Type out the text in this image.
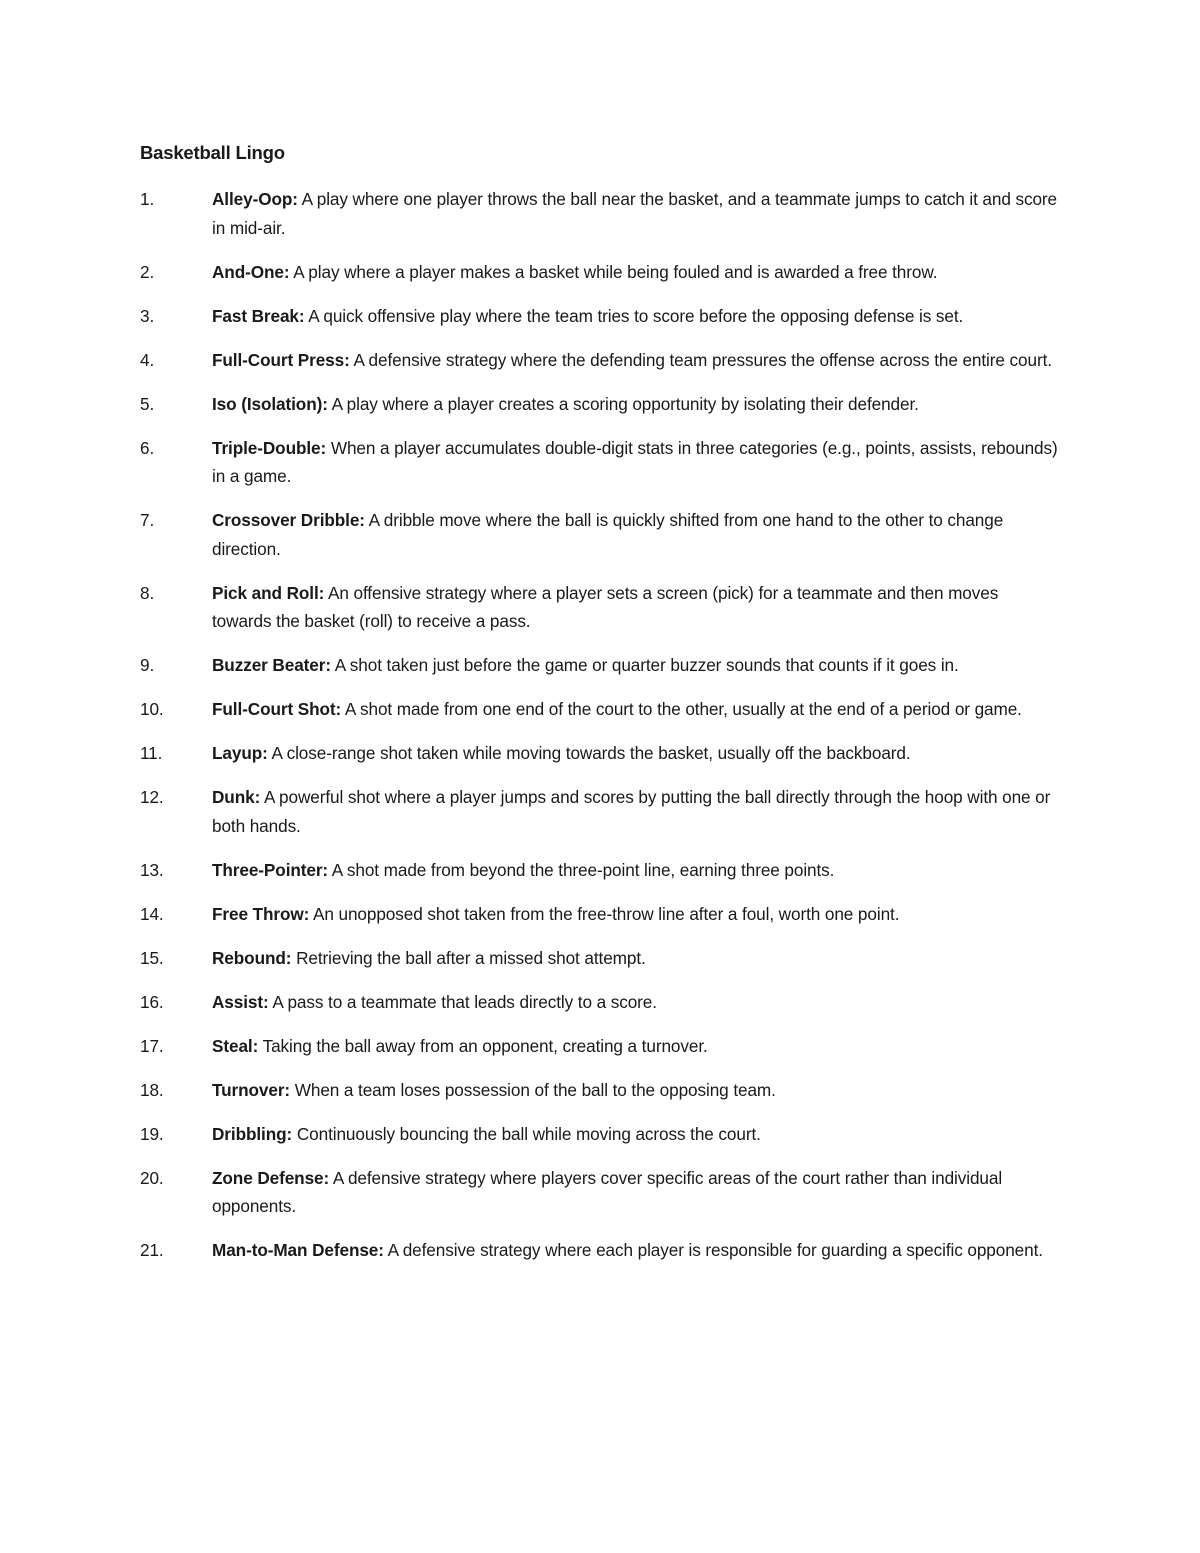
Basketball Lingo
1.	Alley-Oop: A play where one player throws the ball near the basket, and a teammate jumps to catch it and score in mid-air.
2.	And-One: A play where a player makes a basket while being fouled and is awarded a free throw.
3.	Fast Break: A quick offensive play where the team tries to score before the opposing defense is set.
4.	Full-Court Press: A defensive strategy where the defending team pressures the offense across the entire court.
5.	Iso (Isolation): A play where a player creates a scoring opportunity by isolating their defender.
6.	Triple-Double: When a player accumulates double-digit stats in three categories (e.g., points, assists, rebounds) in a game.
7.	Crossover Dribble: A dribble move where the ball is quickly shifted from one hand to the other to change direction.
8.	Pick and Roll: An offensive strategy where a player sets a screen (pick) for a teammate and then moves towards the basket (roll) to receive a pass.
9.	Buzzer Beater: A shot taken just before the game or quarter buzzer sounds that counts if it goes in.
10.	Full-Court Shot: A shot made from one end of the court to the other, usually at the end of a period or game.
11.	Layup: A close-range shot taken while moving towards the basket, usually off the backboard.
12.	Dunk: A powerful shot where a player jumps and scores by putting the ball directly through the hoop with one or both hands.
13.	Three-Pointer: A shot made from beyond the three-point line, earning three points.
14.	Free Throw: An unopposed shot taken from the free-throw line after a foul, worth one point.
15.	Rebound: Retrieving the ball after a missed shot attempt.
16.	Assist: A pass to a teammate that leads directly to a score.
17.	Steal: Taking the ball away from an opponent, creating a turnover.
18.	Turnover: When a team loses possession of the ball to the opposing team.
19.	Dribbling: Continuously bouncing the ball while moving across the court.
20.	Zone Defense: A defensive strategy where players cover specific areas of the court rather than individual opponents.
21.	Man-to-Man Defense: A defensive strategy where each player is responsible for guarding a specific opponent.
